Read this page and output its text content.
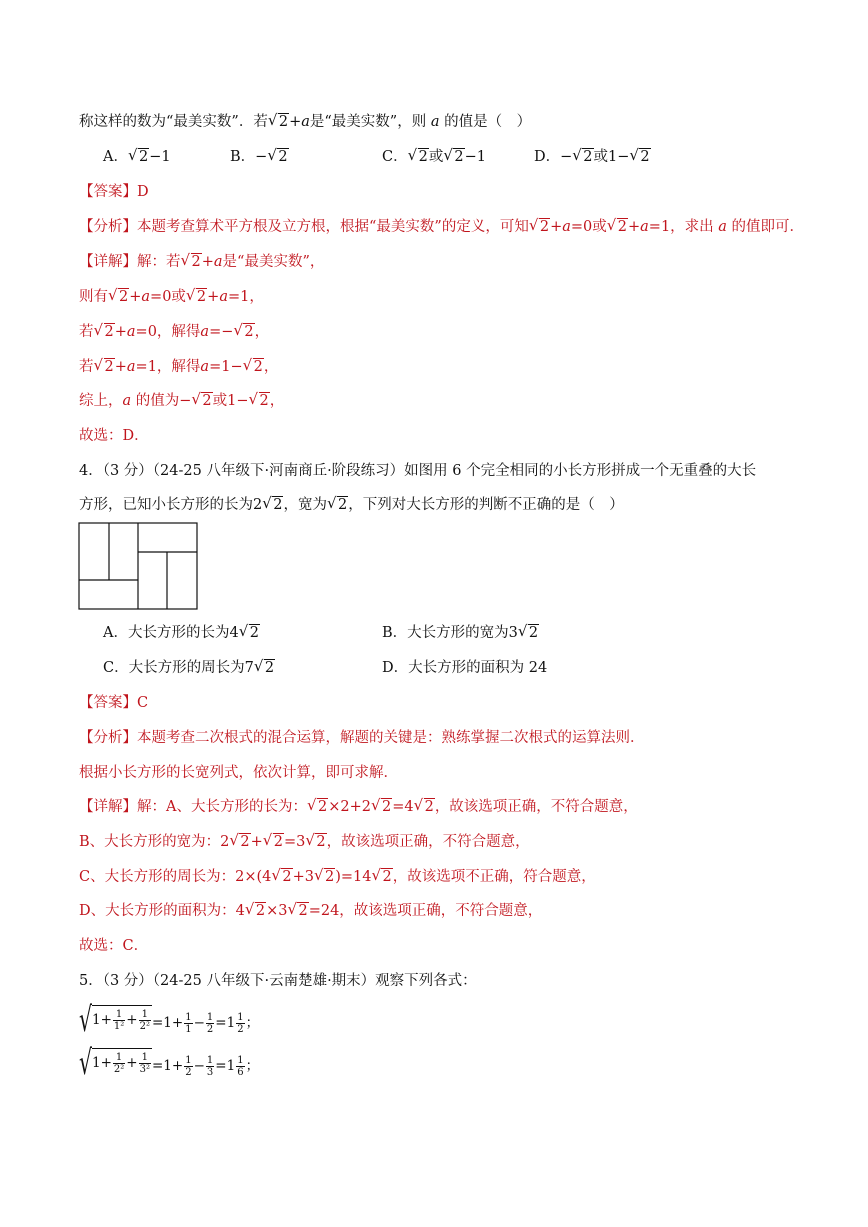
称这样的数为“最美实数”．若 √ 2+a是“最美实数”，则 a 的值是（　）
A． √ 2−1	B．− √ 2	C． √ 2或 √ 2−1	D．− √ 2或1− √ 2
【答案】D
【分析】本题考查算术平方根及立方根，根据“最美实数”的定义，可知 √ 2+a=0或 √ 2+a=1，求出 a 的值即可．
【详解】解：若 √ 2+a是“最美实数”，
则有 √ 2+a=0或 √ 2+a=1，
若 √ 2+a=0，解得a=− √ 2，
若 √ 2+a=1，解得a=1− √ 2，
综上，a 的值为− √ 2或1− √ 2，
故选：D．
4．（3 分）（24-25 八年级下·河南商丘·阶段练习）如图用 6 个完全相同的小长方形拼成一个无重叠的大长
方形，已知小长方形的长为2 √ 2，宽为 √ 2，下列对大长方形的判断不正确的是（　）
A．大长方形的长为4 √ 2	B．大长方形的宽为3 √ 2
C．大长方形的周长为7 √ 2	D．大长方形的面积为 24
【答案】C
【分析】本题考查二次根式的混合运算，解题的关键是：熟练掌握二次根式的运算法则．
根据小长方形的长宽列式，依次计算，即可求解．
【详解】解：A、大长方形的长为： √ 2×2+2 √ 2=4 √ 2，故该选项正确，不符合题意，
B、大长方形的宽为：2 √ 2+ √ 2=3 √ 2，故该选项正确，不符合题意，
C、大长方形的周长为：2×(4 √ 2+3 √ 2)=14 √ 2，故该选项不正确，符合题意，
D、大长方形的面积为：4 √ 2×3 √ 2=24，故该选项正确，不符合题意，
故选：C．
5．（3 分）（24-25 八年级下·云南楚雄·期末）观察下列各式：
√ $1+ \frac{1}{\text{1²}} + \frac{1}{\text{2²}} =1+ \frac{1}{1} - \frac{1}{2} =1 \frac{1}{2}$ ；
√ $1+ \frac{1}{\text{2²}} + \frac{1}{\text{3²}} =1+ \frac{1}{2} - \frac{1}{3} =1 \frac{1}{6}$ ；
